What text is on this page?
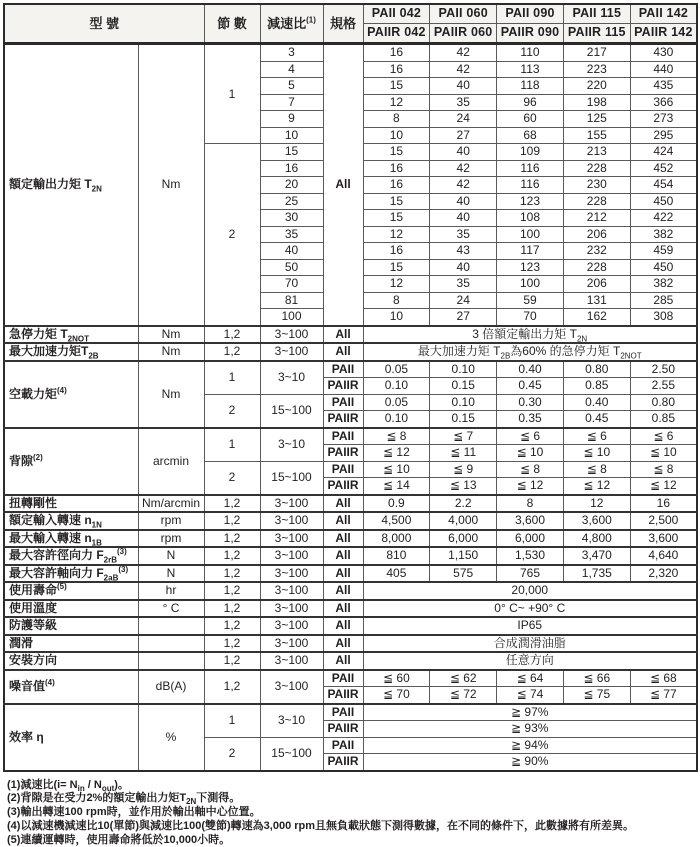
型 號		節 數	減速比$^{(1)}$	規格	PAII 042	PAII 060	PAII 090	PAII 115	PAII 142
					PAIIR 042	PAIIR 060	PAIIR 090	PAIIR 115	PAIIR 142
額定輸出力矩 $T_{2N}$	Nm	1	3	All	16	42	110	217	430
			4		16	42	113	223	440
			5		15	40	118	220	435
			7		12	35	96	198	366
			9		8	24	60	125	273
			10		10	27	68	155	295
		2	15		15	40	109	213	424
			16		16	42	116	228	452
			20		16	42	116	230	454
			25		15	40	123	228	450
			30		15	40	108	212	422
			35		12	35	100	206	382
			40		16	43	117	232	459
			50		15	40	123	228	450
			70		12	35	100	206	382
			81		8	24	59	131	285
			100		10	27	70	162	308
急停力矩 $T_{2NOT}$	Nm	1,2	3~100	All	3 倍額定輸出力矩 $T_{2N}$
最大加速力矩$T_{2B}$	Nm	1,2	3~100	All	最大加速力矩 $T_{2B}$為60% 的急停力矩 $T_{2NOT}$
空載力矩$^{(4)}$	Nm	1	3~10	PAII	0.05	0.10	0.40	0.80	2.50
				PAIIR	0.10	0.15	0.45	0.85	2.55
		2	15~100	PAII	0.05	0.10	0.30	0.40	0.80
				PAIIR	0.10	0.15	0.35	0.45	0.85
背隙$^{(2)}$	arcmin	1	3~10	PAII	≦ 8	≦ 7	≦ 6	≦ 6	≦ 6
				PAIIR	≦ 12	≦ 11	≦ 10	≦ 10	≦ 10
		2	15~100	PAII	≦ 10	≦ 9	≦ 8	≦ 8	≦ 8
				PAIIR	≦ 14	≦ 13	≦ 12	≦ 12	≦ 12
扭轉剛性	Nm/arcmin	1,2	3~100	All	0.9	2.2	8	12	16
額定輸入轉速 $n_{1N}$	rpm	1,2	3~100	All	4,500	4,000	3,600	3,600	2,500
最大輸入轉速 $n_{1B}$	rpm	1,2	3~100	All	8,000	6,000	6,000	4,800	3,600
最大容許徑向力 $F_{2rB}^{(3)}$	N	1,2	3~100	All	810	1,150	1,530	3,470	4,640
最大容許軸向力 $F_{2aB}^{(3)}$	N	1,2	3~100	All	405	575	765	1,735	2,320
使用壽命$^{(5)}$	hr	1,2	3~100	All	20,000				
使用溫度	° C	1,2	3~100	All	0° C~ +90° C				
防護等級		1,2	3~100	All	IP65				
潤滑		1,2	3~100	All	合成潤滑油脂				
安裝方向		1,2	3~100	All	任意方向				
噪音值$^{(4)}$	dB(A)	1,2	3~100	PAII	≦ 60	≦ 62	≦ 64	≦ 66	≦ 68
				PAIIR	≦ 70	≦ 72	≦ 74	≦ 75	≦ 77
效率 η	%	1	3~10	PAII	≧ 97%				
				PAIIR	≧ 93%				
		2	15~100	PAII	≧ 94%				
				PAIIR	≧ 90%				

(1)減速比$(i= N_{in} / N_{out})$。

(2)背隙是在受力2%的額定輸出力矩$T_{2N}$下測得。

(3)輸出轉速100 rpm時，並作用於輸出軸中心位置。

(4)以減速機減速比10(單節)與減速比100(雙節)轉速為3,000 rpm且無負載狀態下測得數據，在不同的條件下，此數據將有所差異。

(5)連續運轉時，使用壽命將低於10,000小時。
